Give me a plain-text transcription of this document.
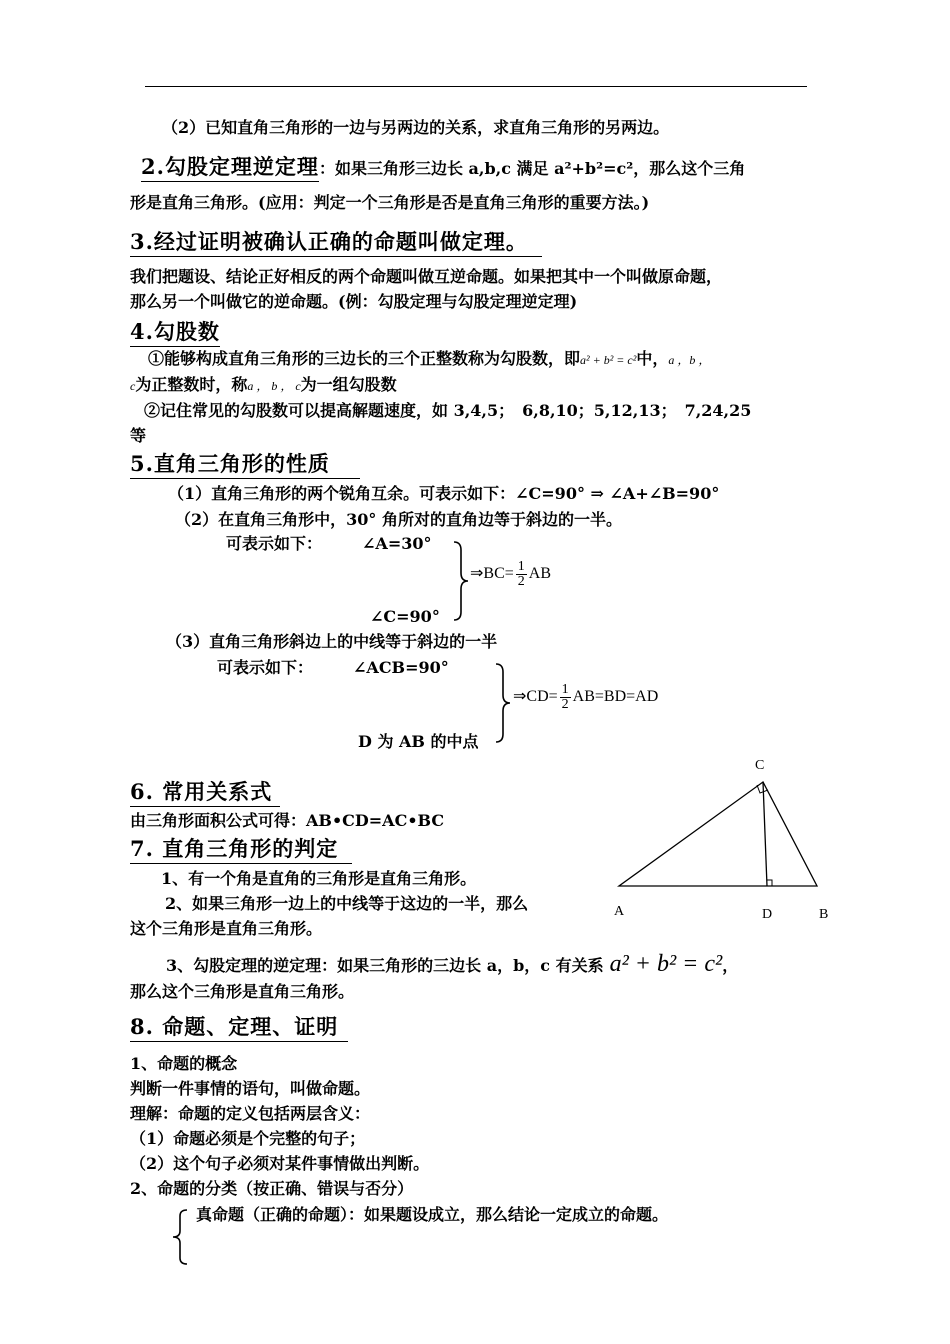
（2）已知直角三角形的一边与另两边的关系，求直角三角形的另两边。
2.勾股定理逆定理：如果三角形三边长 a,b,c 满足 a²+b²=c²，那么这个三角
形是直角三角形。(应用：判定一个三角形是否是直角三角形的重要方法。)
3.经过证明被确认正确的命题叫做定理。
我们把题设、结论正好相反的两个命题叫做互逆命题。如果把其中一个叫做原命题，
那么另一个叫做它的逆命题。(例：勾股定理与勾股定理逆定理)
4.勾股数
①能够构成直角三角形的三边长的三个正整数称为勾股数，即a² + b² = c²中，a ，b ，
c为正整数时，称a ， b ， c为一组勾股数
②记住常见的勾股数可以提高解题速度，如 3,4,5；　6,8,10；5,12,13；　7,24,25
等
5.直角三角形的性质
（1）直角三角形的两个锐角互余。可表示如下：∠C=90° ⇒ ∠A+∠B=90°
（2）在直角三角形中，30° 角所对的直角边等于斜边的一半。
可表示如下： ∠A=30°
∠C=90°
⇒BC= $\frac{1}{2}$ AB
（3）直角三角形斜边上的中线等于斜边的一半
可表示如下： ∠ACB=90°
D 为 AB 的中点
⇒CD= $\frac{1}{2} AB=BD=AD$
6. 常用关系式
由三角形面积公式可得：AB•CD=AC•BC
7. 直角三角形的判定
1、有一个角是直角的三角形是直角三角形。
2、如果三角形一边上的中线等于这边的一半，那么
这个三角形是直角三角形。
3、勾股定理的逆定理：如果三角形的三边长 a，b，c 有关系 a² + b² = c²，
那么这个三角形是直角三角形。
C
A	D	B
8. 命题、定理、证明
1、命题的概念
判断一件事情的语句，叫做命题。
理解：命题的定义包括两层含义：
（1）命题必须是个完整的句子；
（2）这个句子必须对某件事情做出判断。
2、命题的分类（按正确、错误与否分）
真命题（正确的命题）：如果题设成立，那么结论一定成立的命题。
